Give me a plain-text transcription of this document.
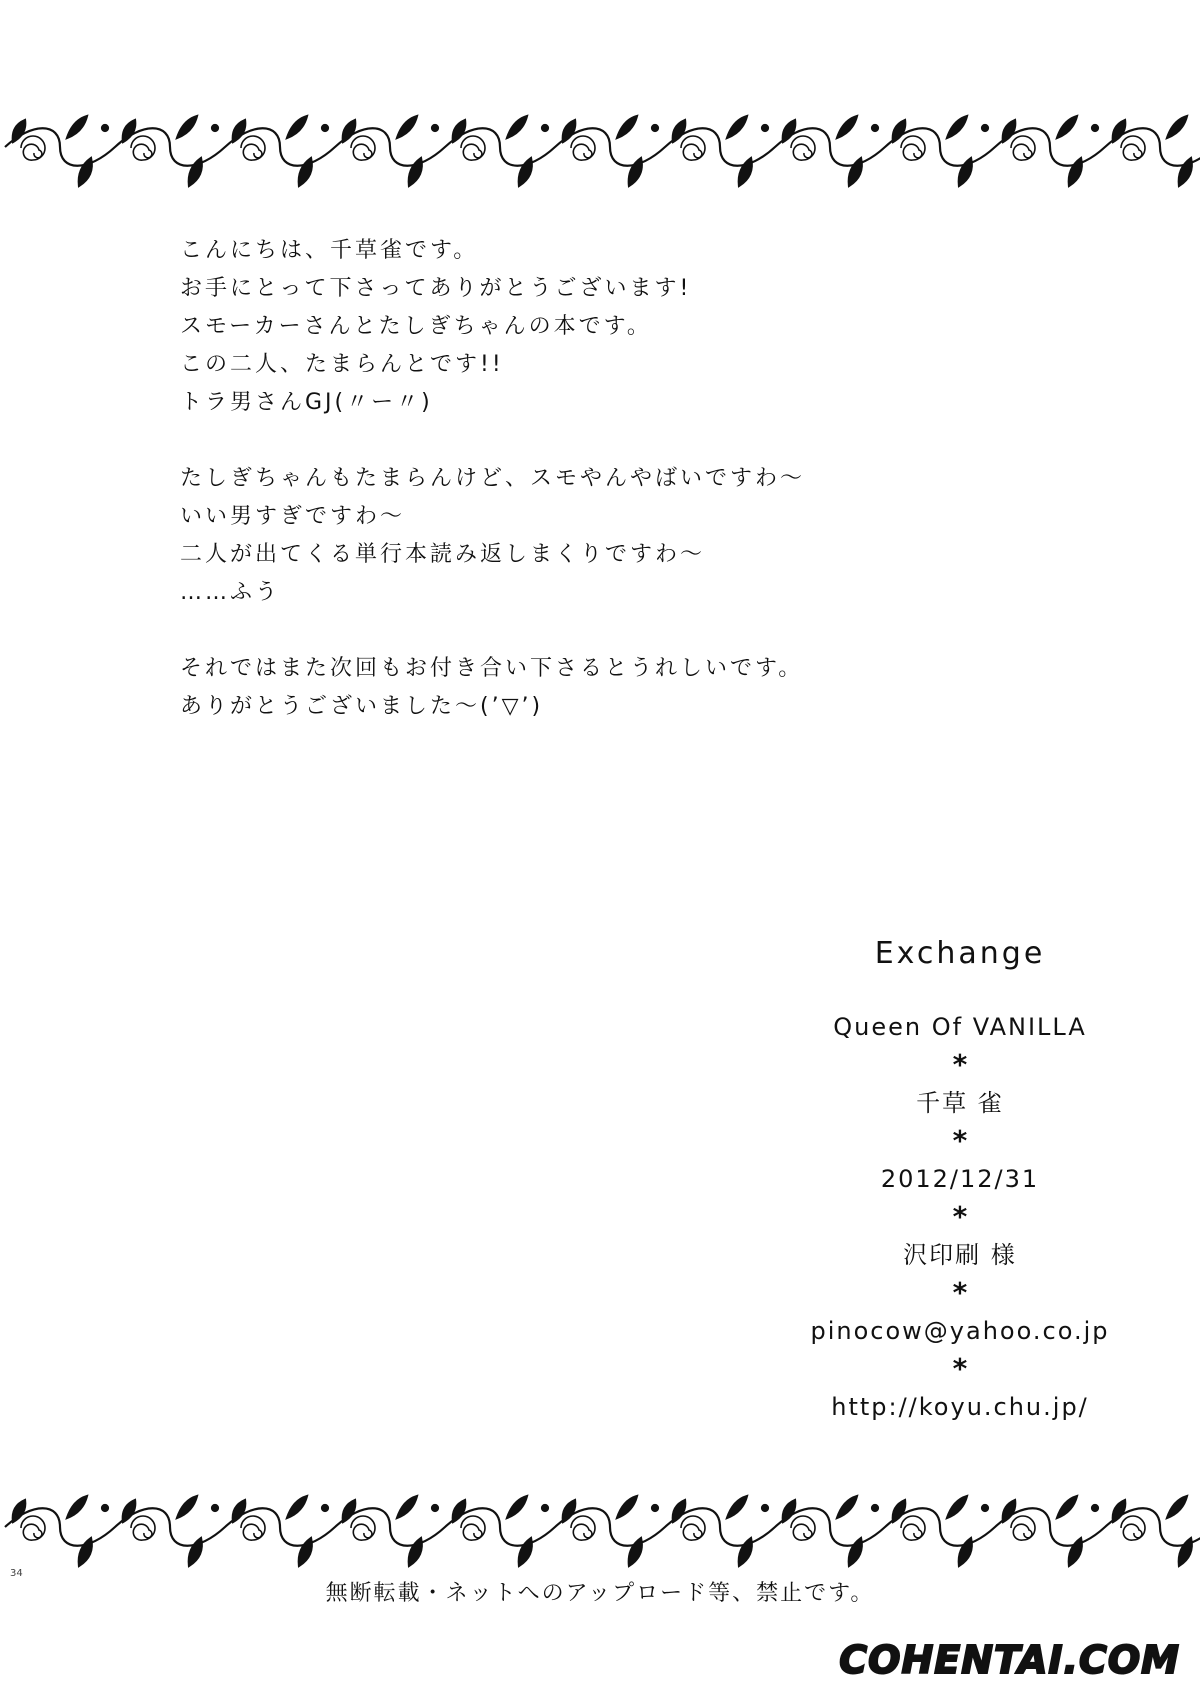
こんにちは、千草雀です。
お手にとって下さってありがとうございます!
スモーカーさんとたしぎちゃんの本です。
この二人、たまらんとです!!
トラ男さんGJ(〃ー〃)
たしぎちゃんもたまらんけど、スモやんやばいですわ〜
いい男すぎですわ〜
二人が出てくる単行本読み返しまくりですわ〜
……ふう
それではまた次回もお付き合い下さるとうれしいです。
ありがとうございました〜(’▽’)
Exchange
Queen Of VANILLA
*
千草 雀
*
2012/12/31
*
沢印刷 様
*
pinocow@yahoo.co.jp
*
http://koyu.chu.jp/
34
無断転載・ネットへのアップロード等、禁止です。
COHENTAI.COM
